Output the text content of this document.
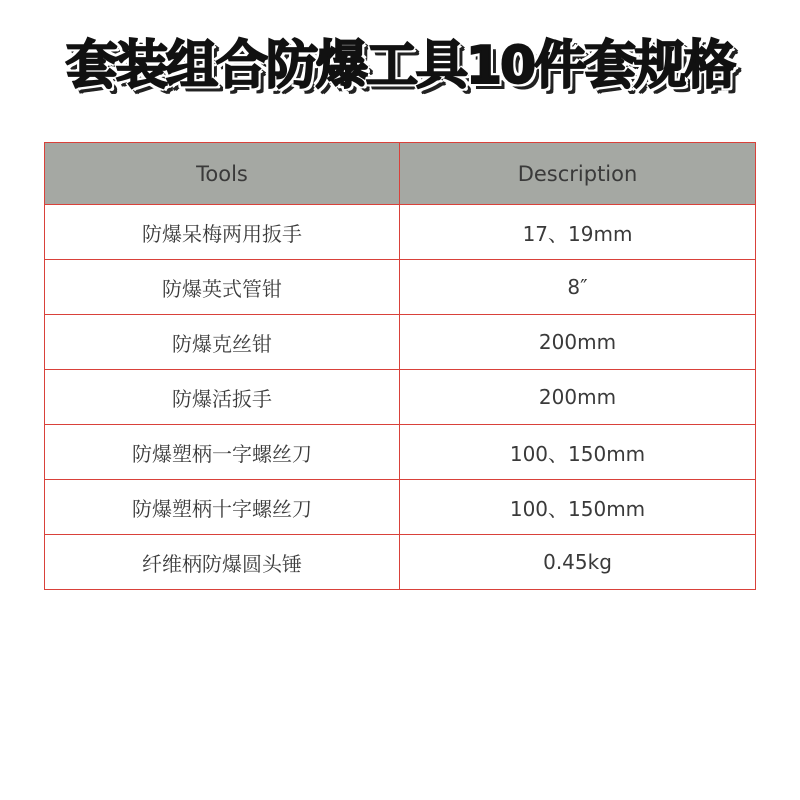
套装组合防爆工具10件套规格
Tools	Description
防爆呆梅两用扳手	17、19mm
防爆英式管钳	8″
防爆克丝钳	200mm
防爆活扳手	200mm
防爆塑柄一字螺丝刀	100、150mm
防爆塑柄十字螺丝刀	100、150mm
纤维柄防爆圆头锤	0.45kg
